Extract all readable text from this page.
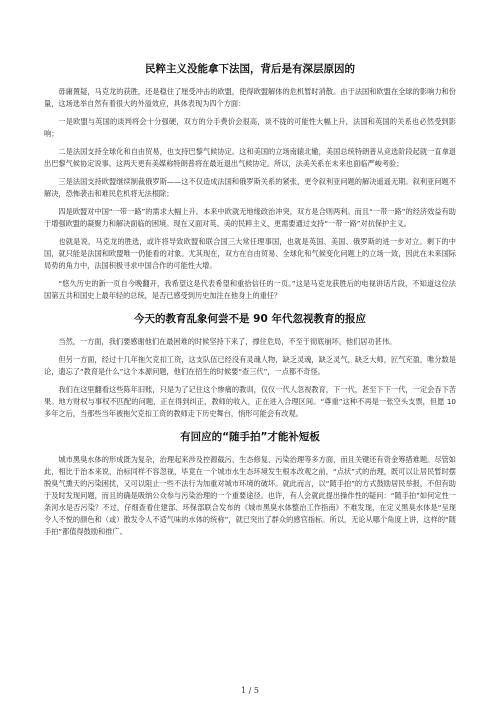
民粹主义没能拿下法国，背后是有深层原因的

毋庸置疑，马克龙的获胜，还是稳住了厘受冲击的欧盟，使得欧盟解体的危机暂时消散。由于法国和欧盟在全球的影响力和份量，这场选举自然有着很大的外溢效应，具体表现为四个方面：

一是欧盟与英国的谈判将会十分强硬，双方的分手费价会很高，谈不拢的可能性大幅上升，法国和英国的关系也必然受到影响；

二是法国支持全球化和自由贸易，也支持巴黎气候协定。这和美国的立场南辕北辙，美国总统特朗普从竞选阶段起就一直拿退出巴黎气候协定说事。这两天更有美媒称特朗普将在最近退出气候协定。所以，法美关系在未来也面临严峻考验；

三是法国支持欧盟继续制裁俄罗斯——这不仅造成法国和俄罗斯关系的紧张，更令叙利亚问题的解决遥遥无期。叙利亚问题不解决，恐怖袭击和难民危机将无法根除；

四是欧盟对中国“一带一路”的需求大幅上升。本来中欧就无地缘政治冲突，双方是合则两利。而且“一带一路”的经济效益有助于增强欧盟的凝聚力和解决面临的困境。现在又面对英、美的民粹主义，更需要通过支持“一带一路”对抗保护主义。

也就是说，马克龙的胜选，或许将导致欧盟和联合国三大常任理事国，也就是英国、美国、俄罗斯的进一步对立。剩下的中国，就只能是法国和欧盟唯一仍能看的对象。尤其现在，双方在自由贸易、全球化和气候变化问题上的立场一致，因此在未来国际局势的角力中，法国积极寻求中国合作的可能性大增。

“悠久历史的新一页自今晚翻开，我希望这是代表希望和重拾信任的一页。”这是马克龙获胜后的电视讲话片段，不知道这位法国第五共和国史上最年轻的总统，是否已感受到历史加注在他身上的重任？

今天的教育乱象何尝不是 90 年代忽视教育的报应

当然，一方面，我们要感谢他们在最困难的时候坚持下来了，撑住危局，不至于彻底崩坏，他们居功甚伟。

但另一方面，经过十几年拖欠克扣工资，这支队伍已经没有灵魂人物，缺乏灵魂，缺乏灵气，缺乏大师，匠气充盈，唯分数是论，遗忘了“教育是什么”这个本源问题，他们在招生的时候要“查三代”，一点都不奇怪。

我们在这里翻看这些陈年旧账，只是为了记住这个惨痛的教训，仅仅一代人忽视教育，下一代，甚至下下一代，一定会吞下苦果。地方财权与事权不匹配的问题，正在得到纠正，教师的收入，正在进入合理区间。“尊重”这种不再是一张空头支票，但愿 10 多年之后，当那些当年被拖欠克扣工资的教师走下历史舞台，悄形可能会有改观。

有回应的“随手拍”才能补短板

城市黑臭水体的形成既为复杂，治理起来涉及控源截污、生态修复、污染治理等多方面，而且关键还有资金筹措难题。尽管如此，相比于治本来说，治标同样不容忽视，毕竟在一个城市水生态环境发生根本改观之前，“点状”式的治理，既可以让居民暂时摆脱臭气熏天的污染困扰，又可以阻止一些不法行为加重对城市环境的破坏。就此而言，以“随手拍”的方式鼓励居民举报，不但有助于及时发现问题，而且的确是吸纳公众参与污染治理的一个重要途径。也许，有人会就此提出操作性的疑问：“随手拍”如何定性一条河水是否污染？不过，仔细查看住建部、环保部联合发布的《城市黑臭水体整治工作指南》不难发现，在定义黑臭水体是“呈现令人不悦的颜色和（或）散发令人不适气味的水体的统称”，就已突出了群众的感官指标。所以，无论从哪个角度上讲，这样的“随手拍”都值得鼓励和推广。

1 / 5
